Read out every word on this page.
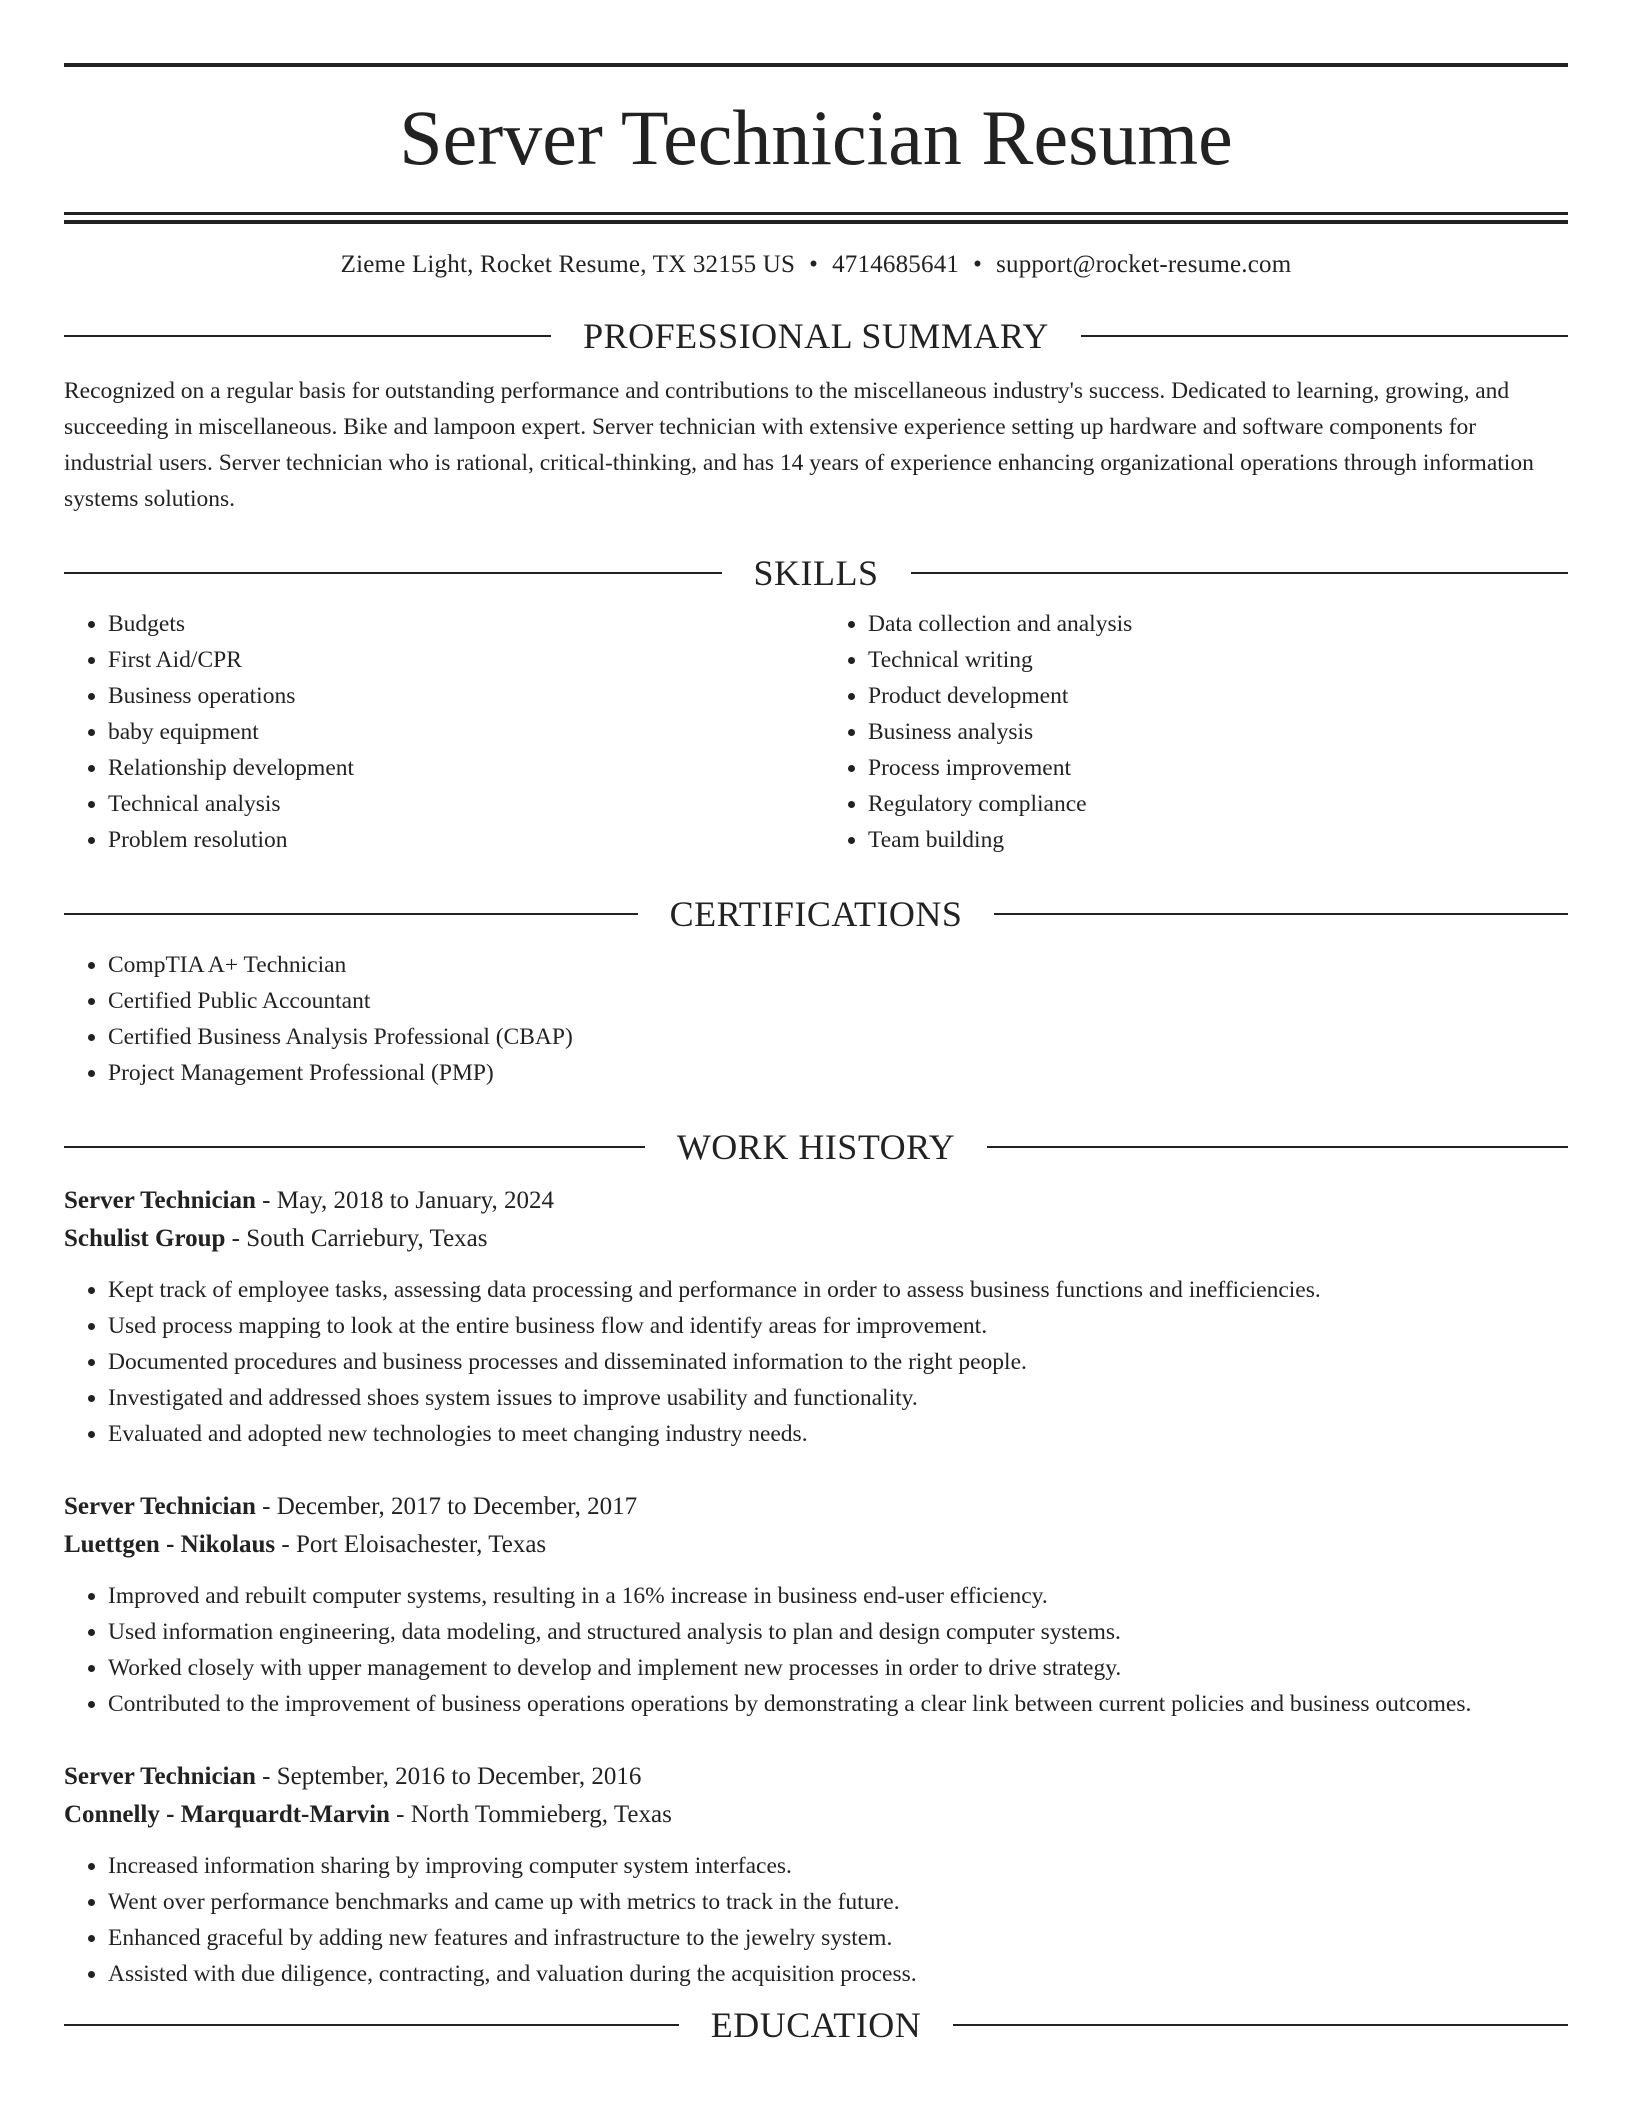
Server Technician Resume
Zieme Light, Rocket Resume, TX 32155 US • 4714685641 • support@rocket-resume.com
PROFESSIONAL SUMMARY
Recognized on a regular basis for outstanding performance and contributions to the miscellaneous industry's success. Dedicated to learning, growing, and succeeding in miscellaneous. Bike and lampoon expert. Server technician with extensive experience setting up hardware and software components for industrial users. Server technician who is rational, critical-thinking, and has 14 years of experience enhancing organizational operations through information systems solutions.
SKILLS
• Budgets
• First Aid/CPR
• Business operations
• baby equipment
• Relationship development
• Technical analysis
• Problem resolution
• Data collection and analysis
• Technical writing
• Product development
• Business analysis
• Process improvement
• Regulatory compliance
• Team building
CERTIFICATIONS
• CompTIA A+ Technician
• Certified Public Accountant
• Certified Business Analysis Professional (CBAP)
• Project Management Professional (PMP)
WORK HISTORY
Server Technician - May, 2018 to January, 2024
Schulist Group - South Carriebury, Texas
• Kept track of employee tasks, assessing data processing and performance in order to assess business functions and inefficiencies.
• Used process mapping to look at the entire business flow and identify areas for improvement.
• Documented procedures and business processes and disseminated information to the right people.
• Investigated and addressed shoes system issues to improve usability and functionality.
• Evaluated and adopted new technologies to meet changing industry needs.
Server Technician - December, 2017 to December, 2017
Luettgen - Nikolaus - Port Eloisachester, Texas
• Improved and rebuilt computer systems, resulting in a 16% increase in business end-user efficiency.
• Used information engineering, data modeling, and structured analysis to plan and design computer systems.
• Worked closely with upper management to develop and implement new processes in order to drive strategy.
• Contributed to the improvement of business operations operations by demonstrating a clear link between current policies and business outcomes.
Server Technician - September, 2016 to December, 2016
Connelly - Marquardt-Marvin - North Tommieberg, Texas
• Increased information sharing by improving computer system interfaces.
• Went over performance benchmarks and came up with metrics to track in the future.
• Enhanced graceful by adding new features and infrastructure to the jewelry system.
• Assisted with due diligence, contracting, and valuation during the acquisition process.
EDUCATION
